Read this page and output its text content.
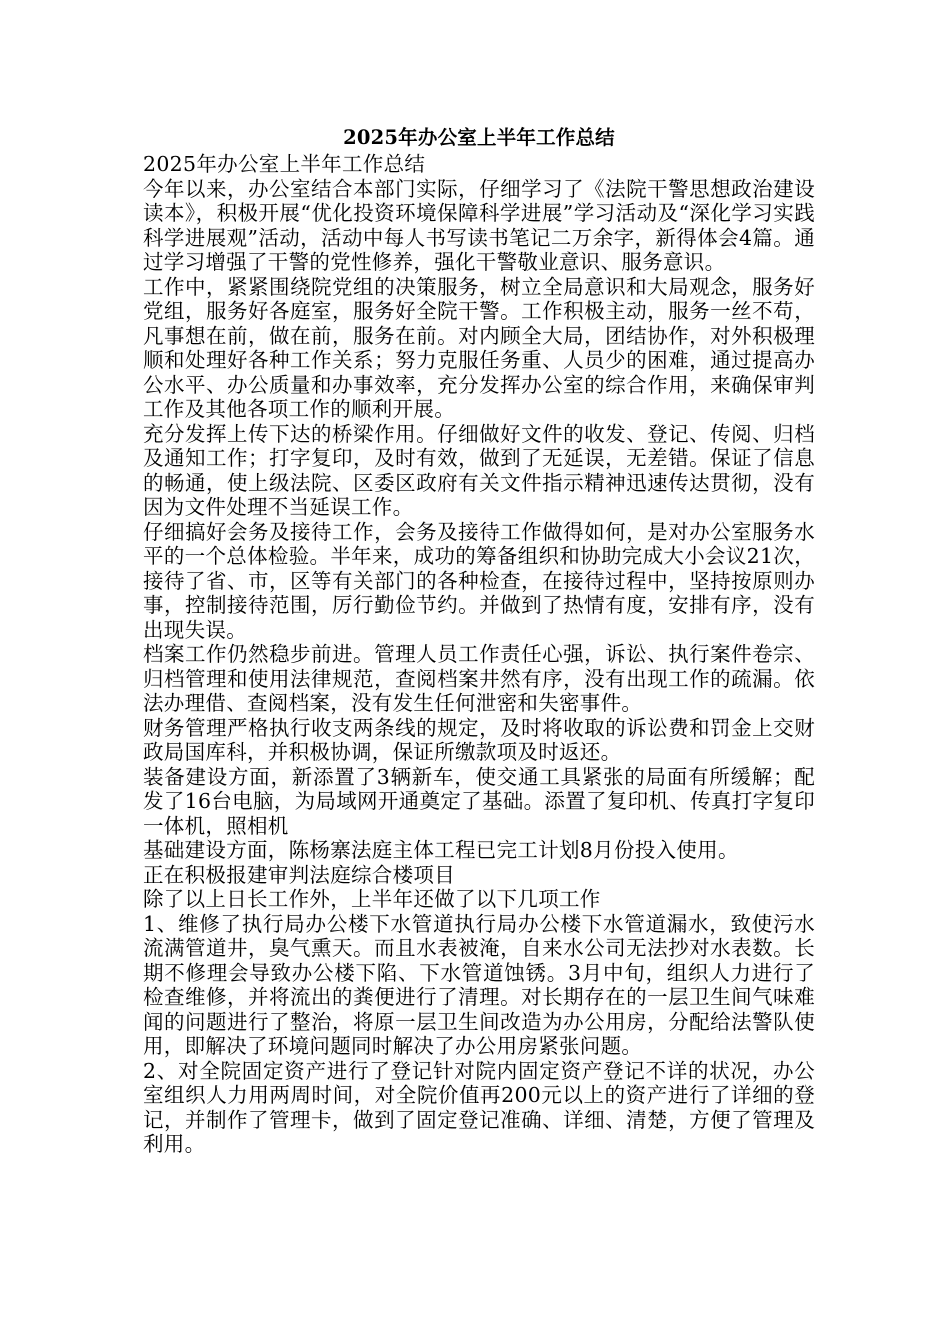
2025年办公室上半年工作总结

2025年办公室上半年工作总结

今年以来，办公室结合本部门实际，仔细学习了《法院干警思想政治建设读本》，积极开展“优化投资环境保障科学进展”学习活动及“深化学习实践科学进展观”活动，活动中每人书写读书笔记二万余字，新得体会4篇。通过学习增强了干警的党性修养，强化干警敬业意识、服务意识。

工作中，紧紧围绕院党组的决策服务，树立全局意识和大局观念，服务好党组，服务好各庭室，服务好全院干警。工作积极主动，服务一丝不苟，凡事想在前，做在前，服务在前。对内顾全大局，团结协作，对外积极理顺和处理好各种工作关系；努力克服任务重、人员少的困难，通过提高办公水平、办公质量和办事效率，充分发挥办公室的综合作用，来确保审判工作及其他各项工作的顺利开展。

充分发挥上传下达的桥梁作用。仔细做好文件的收发、登记、传阅、归档及通知工作；打字复印，及时有效，做到了无延误，无差错。保证了信息的畅通，使上级法院、区委区政府有关文件指示精神迅速传达贯彻，没有因为文件处理不当延误工作。

仔细搞好会务及接待工作，会务及接待工作做得如何，是对办公室服务水平的一个总体检验。半年来，成功的筹备组织和协助完成大小会议21次，接待了省、市，区等有关部门的各种检查，在接待过程中，坚持按原则办事，控制接待范围，厉行勤俭节约。并做到了热情有度，安排有序，没有出现失误。

档案工作仍然稳步前进。管理人员工作责任心强，诉讼、执行案件卷宗、归档管理和使用法律规范，查阅档案井然有序，没有出现工作的疏漏。依法办理借、查阅档案，没有发生任何泄密和失密事件。

财务管理严格执行收支两条线的规定，及时将收取的诉讼费和罚金上交财政局国库科，并积极协调，保证所缴款项及时返还。

装备建设方面，新添置了3辆新车，使交通工具紧张的局面有所缓解；配发了16台电脑，为局域网开通奠定了基础。添置了复印机、传真打字复印一体机，照相机

基础建设方面，陈杨寨法庭主体工程已完工计划8月份投入使用。

正在积极报建审判法庭综合楼项目

除了以上日长工作外，上半年还做了以下几项工作

1、维修了执行局办公楼下水管道执行局办公楼下水管道漏水，致使污水流满管道井，臭气熏天。而且水表被淹，自来水公司无法抄对水表数。长期不修理会导致办公楼下陷、下水管道蚀锈。3月中旬，组织人力进行了检查维修，并将流出的粪便进行了清理。对长期存在的一层卫生间气味难闻的问题进行了整治，将原一层卫生间改造为办公用房，分配给法警队使用，即解决了环境问题同时解决了办公用房紧张问题。

2、对全院固定资产进行了登记针对院内固定资产登记不详的状况，办公室组织人力用两周时间，对全院价值再200元以上的资产进行了详细的登记，并制作了管理卡，做到了固定登记准确、详细、清楚，方便了管理及利用。
